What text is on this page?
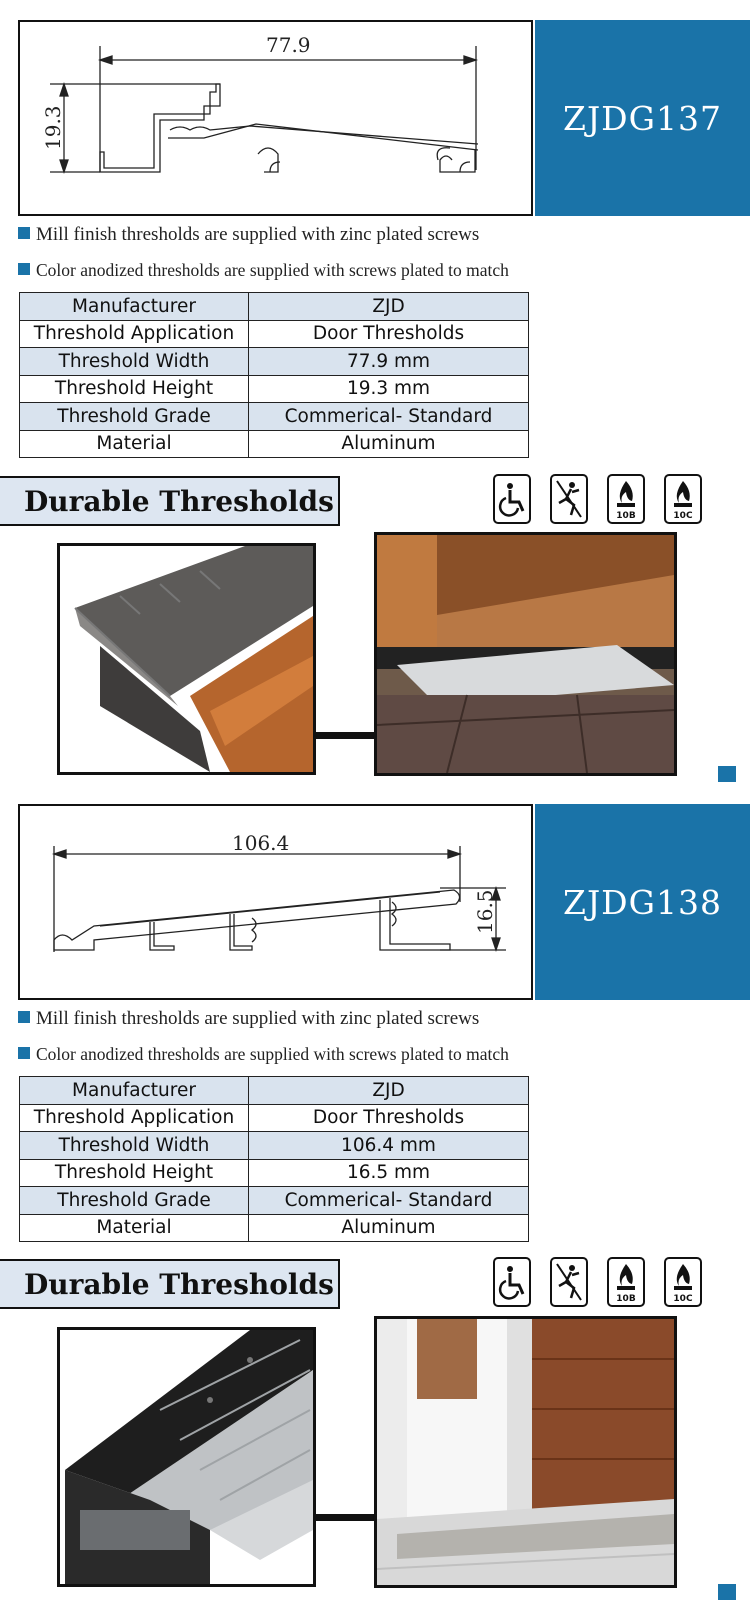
77.9
19.3	ZJDG137
Mill finish thresholds are supplied with zinc plated screws
Color anodized thresholds are supplied with screws plated to match
Manufacturer	ZJD
Threshold Application	Door Thresholds
Threshold Width	77.9 mm
Threshold Height	19.3 mm
Threshold Grade	Commerical- Standard
Material	Aluminum
Durable Thresholds	10B	10C
106.4
16.5 ZJDG138
Mill finish thresholds are supplied with zinc plated screws
Color anodized thresholds are supplied with screws plated to match
Manufacturer	ZJD
Threshold Application	Door Thresholds
Threshold Width	106.4 mm
Threshold Height	16.5 mm
Threshold Grade	Commerical- Standard
Material	Aluminum
Durable Thresholds	10B	10C
